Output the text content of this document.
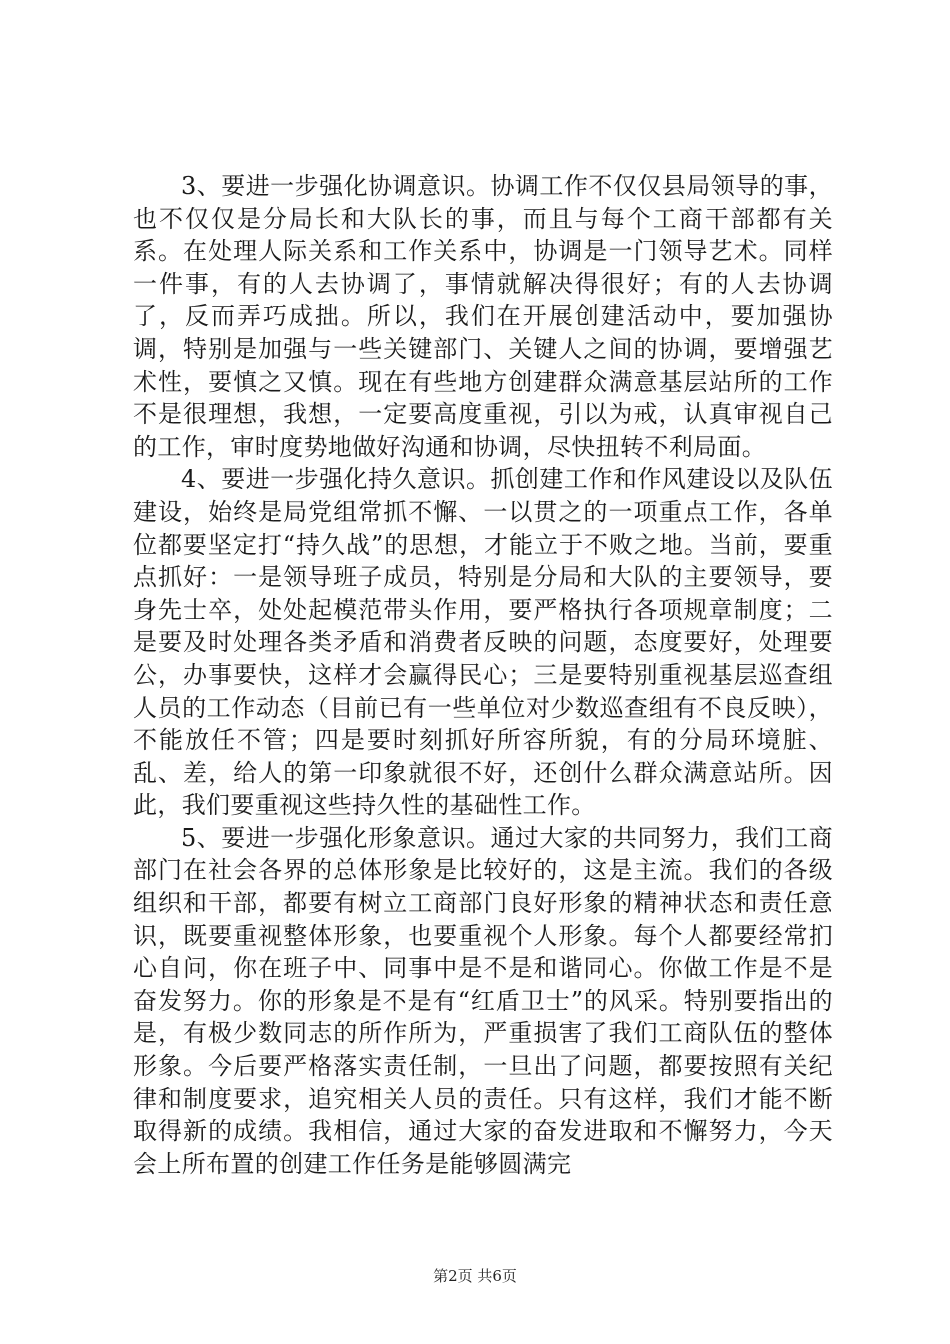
3、要进一步强化协调意识。协调工作不仅仅县局领导的事，也不仅仅是分局长和大队长的事，而且与每个工商干部都有关系。在处理人际关系和工作关系中，协调是一门领导艺术。同样一件事，有的人去协调了，事情就解决得很好；有的人去协调了，反而弄巧成拙。所以，我们在开展创建活动中，要加强协调，特别是加强与一些关键部门、关键人之间的协调，要增强艺术性，要慎之又慎。现在有些地方创建群众满意基层站所的工作不是很理想，我想，一定要高度重视，引以为戒，认真审视自己的工作，审时度势地做好沟通和协调，尽快扭转不利局面。

4、要进一步强化持久意识。抓创建工作和作风建设以及队伍建设，始终是局党组常抓不懈、一以贯之的一项重点工作，各单位都要坚定打“持久战”的思想，才能立于不败之地。当前，要重点抓好：一是领导班子成员，特别是分局和大队的主要领导，要身先士卒，处处起模范带头作用，要严格执行各项规章制度；二是要及时处理各类矛盾和消费者反映的问题，态度要好，处理要公，办事要快，这样才会赢得民心；三是要特别重视基层巡查组人员的工作动态（目前已有一些单位对少数巡查组有不良反映），不能放任不管；四是要时刻抓好所容所貌，有的分局环境脏、乱、差，给人的第一印象就很不好，还创什么群众满意站所。因此，我们要重视这些持久性的基础性工作。

5、要进一步强化形象意识。通过大家的共同努力，我们工商部门在社会各界的总体形象是比较好的，这是主流。我们的各级组织和干部，都要有树立工商部门良好形象的精神状态和责任意识，既要重视整体形象，也要重视个人形象。每个人都要经常扪心自问，你在班子中、同事中是不是和谐同心。你做工作是不是奋发努力。你的形象是不是有“红盾卫士”的风采。特别要指出的是，有极少数同志的所作所为，严重损害了我们工商队伍的整体形象。今后要严格落实责任制，一旦出了问题，都要按照有关纪律和制度要求，追究相关人员的责任。只有这样，我们才能不断取得新的成绩。我相信，通过大家的奋发进取和不懈努力，今天会上所布置的创建工作任务是能够圆满完

第2页 共6页
